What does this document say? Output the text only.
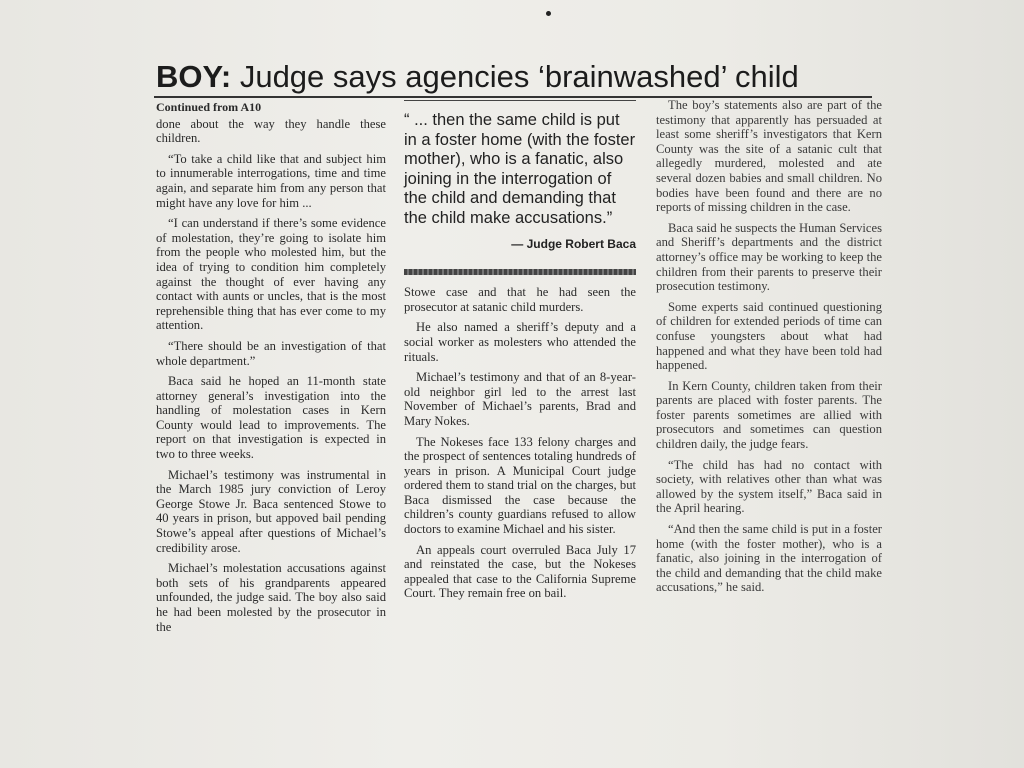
BOY: Judge says agencies ‘brainwashed’ child

Continued from A10

done about the way they handle these children.

“To take a child like that and subject him to innumerable interrogations, time and time again, and separate him from any person that might have any love for him ...

“I can understand if there’s some evidence of molestation, they’re going to isolate him from the people who molested him, but the idea of trying to condition him completely against the thought of ever having any contact with aunts or uncles, that is the most reprehensible thing that has ever come to my attention.

“There should be an investigation of that whole department.”

Baca said he hoped an 11-month state attorney general’s investigation into the handling of molestation cases in Kern County would lead to improvements. The report on that investigation is expected in two to three weeks.

Michael’s testimony was instrumental in the March 1985 jury conviction of Leroy George Stowe Jr. Baca sentenced Stowe to 40 years in prison, but appoved bail pending Stowe’s appeal after questions of Michael’s credibility arose.

Michael’s molestation accusations against both sets of his grandparents appeared unfounded, the judge said. The boy also said he had been molested by the prosecutor in the

“ ... then the same child is put in a foster home (with the foster mother), who is a fanatic, also joining in the interrogation of the child and demanding that the child make accusations.”
— Judge Robert Baca

Stowe case and that he had seen the prosecutor at satanic child murders.

He also named a sheriff’s deputy and a social worker as molesters who attended the rituals.

Michael’s testimony and that of an 8-year-old neighbor girl led to the arrest last November of Michael’s parents, Brad and Mary Nokes.

The Nokeses face 133 felony charges and the prospect of sentences totaling hundreds of years in prison. A Municipal Court judge ordered them to stand trial on the charges, but Baca dismissed the case because the children’s county guardians refused to allow doctors to examine Michael and his sister.

An appeals court overruled Baca July 17 and reinstated the case, but the Nokeses appealed that case to the California Supreme Court. They remain free on bail.

The boy’s statements also are part of the testimony that apparently has persuaded at least some sheriff’s investigators that Kern County was the site of a satanic cult that allegedly murdered, molested and ate several dozen babies and small children. No bodies have been found and there are no reports of missing children in the case.

Baca said he suspects the Human Services and Sheriff’s departments and the district attorney’s office may be working to keep the children from their parents to preserve their prosecution testimony.

Some experts said continued questioning of children for extended periods of time can confuse youngsters about what had happened and what they have been told had happened.

In Kern County, children taken from their parents are placed with foster parents. The foster parents sometimes are allied with prosecutors and sometimes can question children daily, the judge fears.

“The child has had no contact with society, with relatives other than what was allowed by the system itself,” Baca said in the April hearing.

“And then the same child is put in a foster home (with the foster mother), who is a fanatic, also joining in the interrogation of the child and demanding that the child make accusations,” he said.
